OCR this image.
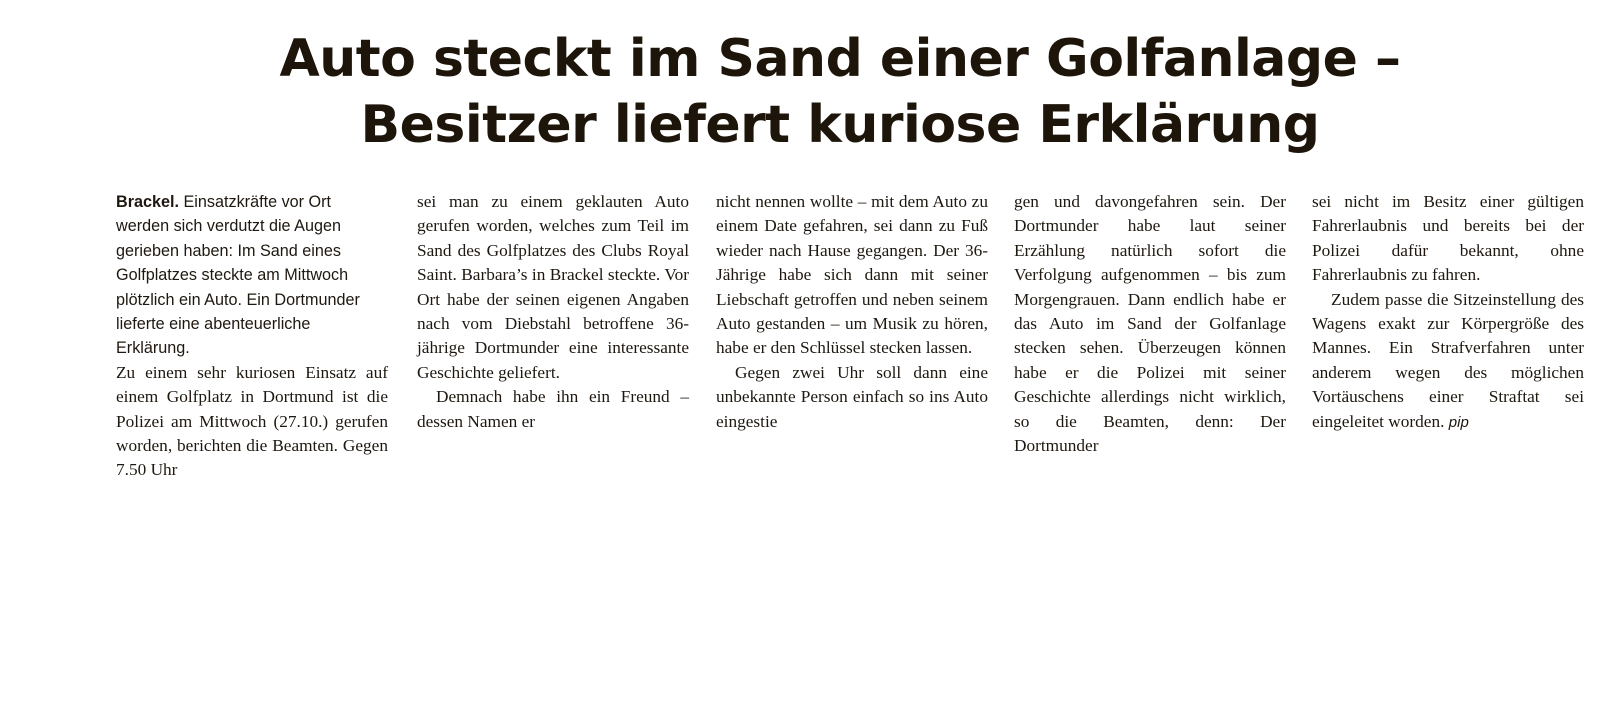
Auto steckt im Sand einer Golfanlage –
Besitzer liefert kuriose Erklärung

Brackel. Einsatzkräfte vor Ort werden sich verdutzt die Augen gerieben haben: Im Sand eines Golfplatzes steckte am Mittwoch plötzlich ein Auto. Ein Dortmunder lieferte eine abenteuerliche Erklärung.

Zu einem sehr kuriosen Einsatz auf einem Golfplatz in Dortmund ist die Polizei am Mittwoch (27.10.) gerufen worden, berichten die Beamten. Gegen 7.50 Uhr

sei man zu einem geklauten Auto gerufen worden, welches zum Teil im Sand des Golfplatzes des Clubs Royal Saint. Barbara’s in Brackel steckte. Vor Ort habe der seinen eigenen Angaben nach vom Diebstahl betroffene 36-jährige Dortmunder eine interessante Geschichte geliefert.

Demnach habe ihn ein Freund – dessen Namen er

nicht nennen wollte – mit dem Auto zu einem Date gefahren, sei dann zu Fuß wieder nach Hause gegangen. Der 36-Jährige habe sich dann mit seiner Liebschaft getroffen und neben seinem Auto gestanden – um Musik zu hören, habe er den Schlüssel stecken lassen.

Gegen zwei Uhr soll dann eine unbekannte Person einfach so ins Auto eingestie

gen und davongefahren sein. Der Dortmunder habe laut seiner Erzählung natürlich sofort die Verfolgung aufgenommen – bis zum Morgengrauen. Dann endlich habe er das Auto im Sand der Golfanlage stecken sehen. Überzeugen können habe er die Polizei mit seiner Geschichte allerdings nicht wirklich, so die Beamten, denn: Der Dortmunder

sei nicht im Besitz einer gültigen Fahrerlaubnis und bereits bei der Polizei dafür bekannt, ohne Fahrerlaubnis zu fahren.

Zudem passe die Sitzeinstellung des Wagens exakt zur Körpergröße des Mannes. Ein Strafverfahren unter anderem wegen des möglichen Vortäuschens einer Straftat sei eingeleitet worden. pip
